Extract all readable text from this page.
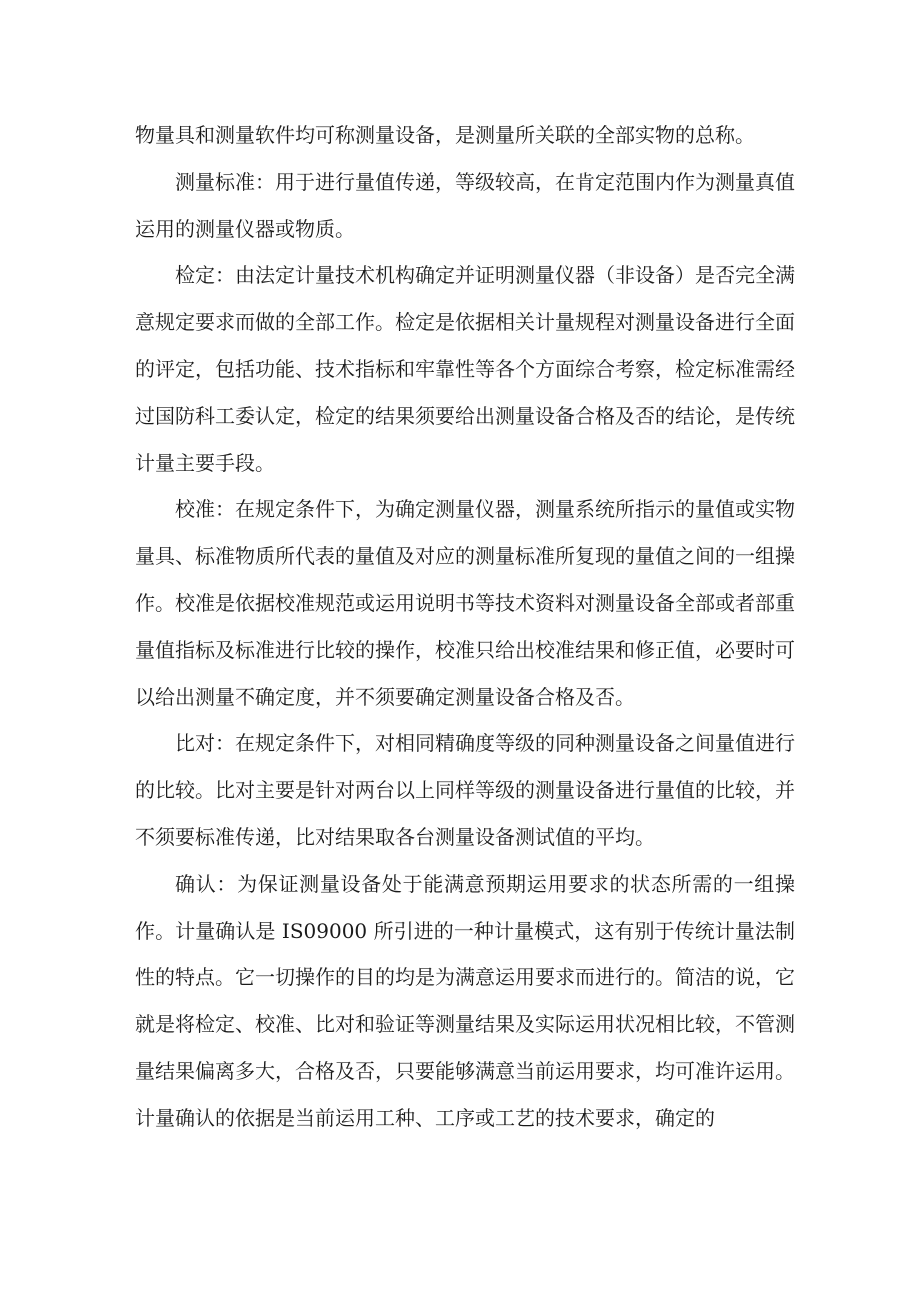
物量具和测量软件均可称测量设备，是测量所关联的全部实物的总称。

测量标准：用于进行量值传递，等级较高，在肯定范围内作为测量真值运用的测量仪器或物质。

检定：由法定计量技术机构确定并证明测量仪器（非设备）是否完全满意规定要求而做的全部工作。检定是依据相关计量规程对测量设备进行全面的评定，包括功能、技术指标和牢靠性等各个方面综合考察，检定标准需经过国防科工委认定，检定的结果须要给出测量设备合格及否的结论，是传统计量主要手段。

校准：在规定条件下，为确定测量仪器，测量系统所指示的量值或实物量具、标准物质所代表的量值及对应的测量标准所复现的量值之间的一组操作。校准是依据校准规范或运用说明书等技术资料对测量设备全部或者部重量值指标及标准进行比较的操作，校准只给出校准结果和修正值，必要时可以给出测量不确定度，并不须要确定测量设备合格及否。

比对：在规定条件下，对相同精确度等级的同种测量设备之间量值进行的比较。比对主要是针对两台以上同样等级的测量设备进行量值的比较，并不须要标准传递，比对结果取各台测量设备测试值的平均。

确认：为保证测量设备处于能满意预期运用要求的状态所需的一组操作。计量确认是 IS09000 所引进的一种计量模式，这有别于传统计量法制性的特点。它一切操作的目的均是为满意运用要求而进行的。简洁的说，它就是将检定、校准、比对和验证等测量结果及实际运用状况相比较，不管测量结果偏离多大，合格及否，只要能够满意当前运用要求，均可准许运用。计量确认的依据是当前运用工种、工序或工艺的技术要求，确定的
